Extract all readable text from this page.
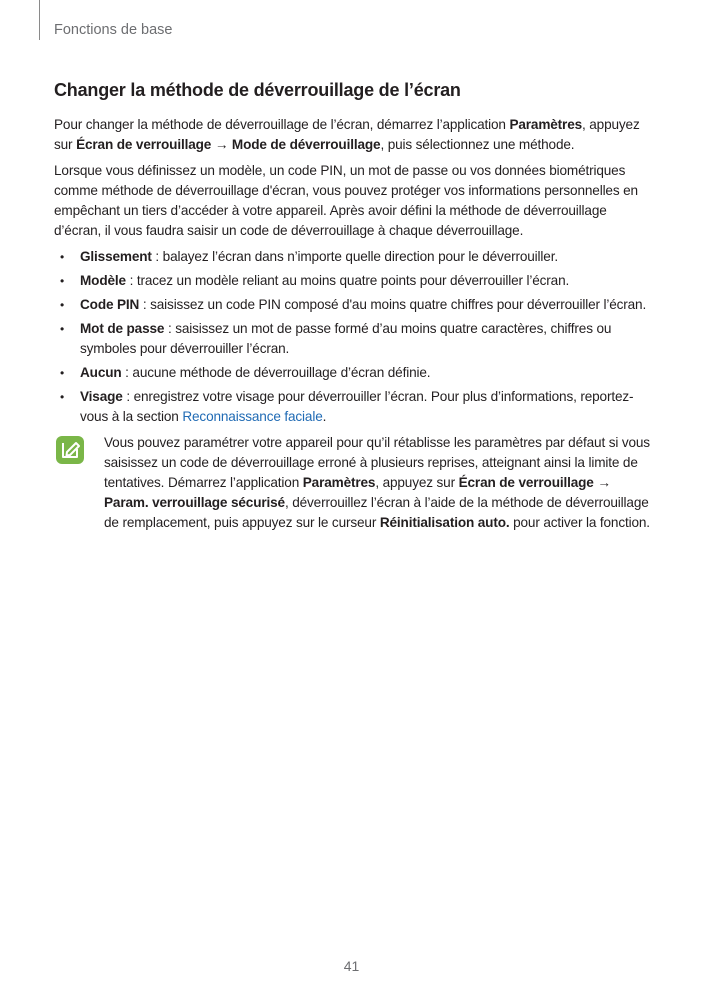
Fonctions de base
Changer la méthode de déverrouillage de l’écran

Pour changer la méthode de déverrouillage de l’écran, démarrez l’application Paramètres, appuyez sur Écran de verrouillage → Mode de déverrouillage, puis sélectionnez une méthode.

Lorsque vous définissez un modèle, un code PIN, un mot de passe ou vos données biométriques comme méthode de déverrouillage d'écran, vous pouvez protéger vos informations personnelles en empêchant un tiers d’accéder à votre appareil. Après avoir défini la méthode de déverrouillage d’écran, il vous faudra saisir un code de déverrouillage à chaque déverrouillage.

• Glissement : balayez l’écran dans n’importe quelle direction pour le déverrouiller.
• Modèle : tracez un modèle reliant au moins quatre points pour déverrouiller l’écran.
• Code PIN : saisissez un code PIN composé d'au moins quatre chiffres pour déverrouiller l’écran.
• Mot de passe : saisissez un mot de passe formé d’au moins quatre caractères, chiffres ou symboles pour déverrouiller l’écran.
• Aucun : aucune méthode de déverrouillage d’écran définie.
• Visage : enregistrez votre visage pour déverrouiller l’écran. Pour plus d’informations, reportez-vous à la section Reconnaissance faciale.

Vous pouvez paramétrer votre appareil pour qu’il rétablisse les paramètres par défaut si vous saisissez un code de déverrouillage erroné à plusieurs reprises, atteignant ainsi la limite de tentatives. Démarrez l’application Paramètres, appuyez sur Écran de verrouillage → Param. verrouillage sécurisé, déverrouillez l’écran à l’aide de la méthode de déverrouillage de remplacement, puis appuyez sur le curseur Réinitialisation auto. pour activer la fonction.

41
